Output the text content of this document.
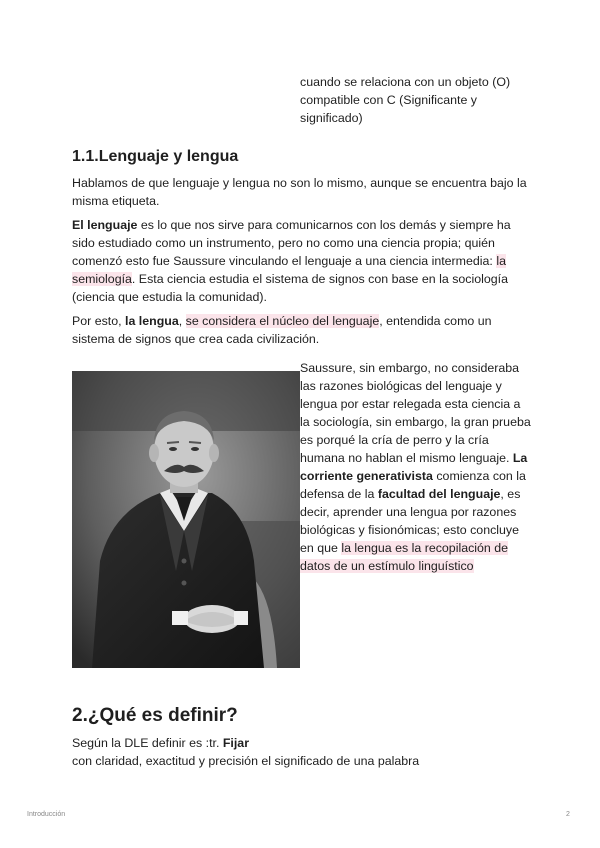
cuando se relaciona con un objeto (O) compatible con C (Significante y significado)
1.1.Lenguaje y lengua

Hablamos de que lenguaje y lengua no son lo mismo, aunque se encuentra bajo la misma etiqueta.

El lenguaje es lo que nos sirve para comunicarnos con los demás y siempre ha sido estudiado como un instrumento, pero no como una ciencia propia; quién comenzó esto fue Saussure vinculando el lenguaje a una ciencia intermedia: la semiología. Esta ciencia estudia el sistema de signos con base en la sociología (ciencia que estudia la comunidad).

Por esto, la lengua, se considera el núcleo del lenguaje, entendida como un sistema de signos que crea cada civilización.

Saussure, sin embargo, no consideraba las razones biológicas del lenguaje y lengua por estar relegada esta ciencia a la sociología, sin embargo, la gran prueba es porqué la cría de perro y la cría humana no hablan el mismo lenguaje. La corriente generativista comienza con la defensa de la facultad del lenguaje, es decir, aprender una lengua por razones biológicas y fisionómicas; esto concluye en que la lengua es la recopilación de datos de un estímulo linguístico

2.¿Qué es definir?

Según la DLE definir es :tr. Fijar

con claridad, exactitud y precisión el significado de una palabra

Introducción	2
